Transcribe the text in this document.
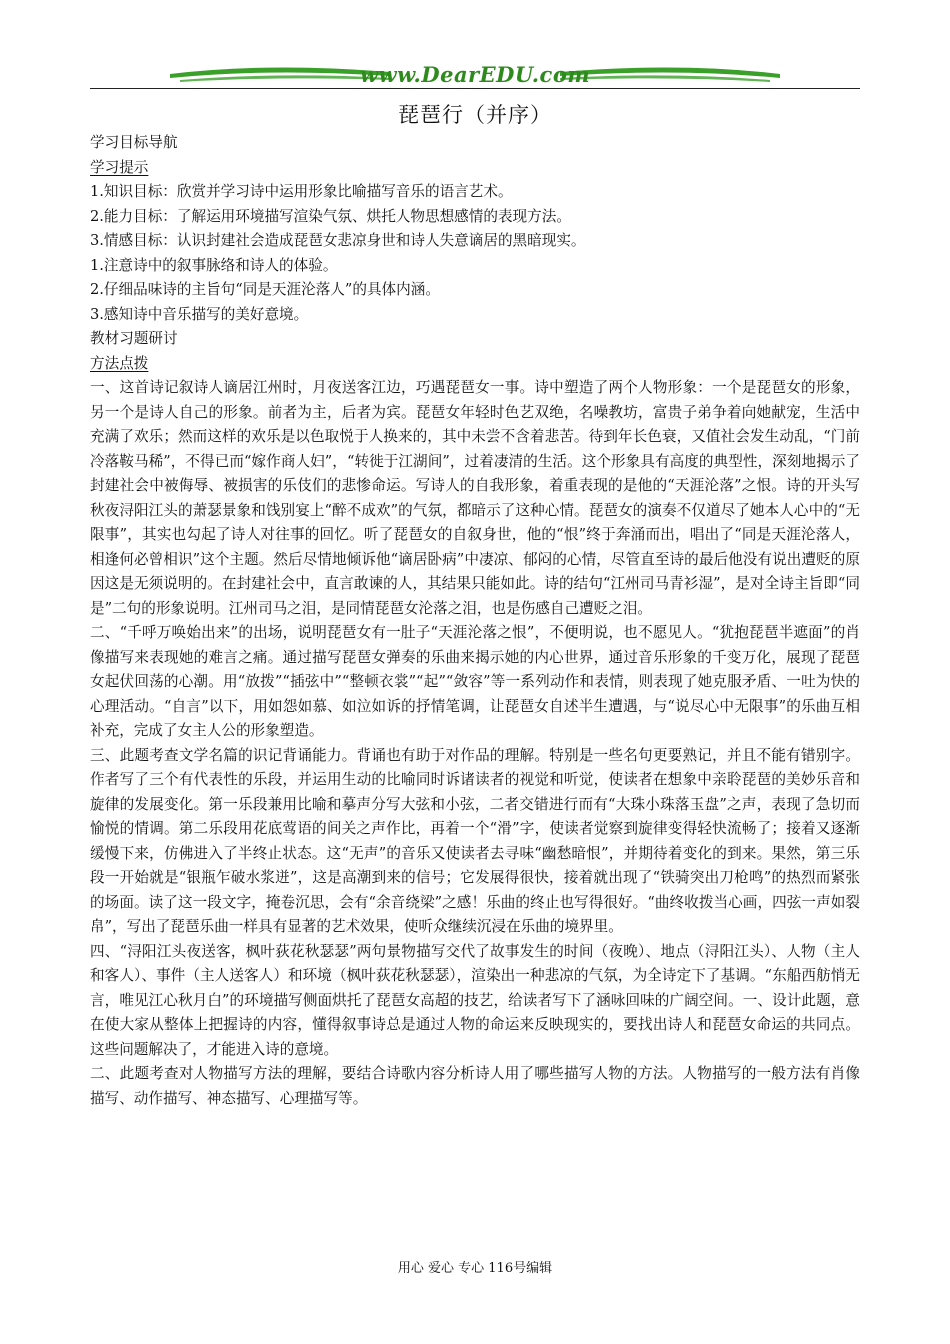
www.DearEDU.com
琵琶行（并序）
学习目标导航
学习提示
1.知识目标：欣赏并学习诗中运用形象比喻描写音乐的语言艺术。
2.能力目标：了解运用环境描写渲染气氛、烘托人物思想感情的表现方法。
3.情感目标：认识封建社会造成琵琶女悲凉身世和诗人失意谪居的黑暗现实。
1.注意诗中的叙事脉络和诗人的体验。
2.仔细品味诗的主旨句“同是天涯沦落人”的具体内涵。
3.感知诗中音乐描写的美好意境。
教材习题研讨
方法点拨

一、这首诗记叙诗人谪居江州时，月夜送客江边，巧遇琵琶女一事。诗中塑造了两个人物形象：一个是琵琶女的形象，另一个是诗人自己的形象。前者为主，后者为宾。琵琶女年轻时色艺双绝，名噪教坊，富贵子弟争着向她献宠，生活中充满了欢乐；然而这样的欢乐是以色取悦于人换来的，其中未尝不含着悲苦。待到年长色衰，又值社会发生动乱，“门前冷落鞍马稀”，不得已而“嫁作商人妇”，“转徙于江湖间”，过着凄清的生活。这个形象具有高度的典型性，深刻地揭示了封建社会中被侮辱、被损害的乐伎们的悲惨命运。写诗人的自我形象，着重表现的是他的“天涯沦落”之恨。诗的开头写秋夜浔阳江头的萧瑟景象和饯别宴上“醉不成欢”的气氛，都暗示了这种心情。琵琶女的演奏不仅道尽了她本人心中的“无限事”，其实也勾起了诗人对往事的回忆。听了琵琶女的自叙身世，他的“恨”终于奔涌而出，唱出了“同是天涯沦落人，相逢何必曾相识”这个主题。然后尽情地倾诉他“谪居卧病”中凄凉、郁闷的心情，尽管直至诗的最后他没有说出遭贬的原因这是无须说明的。在封建社会中，直言敢谏的人，其结果只能如此。诗的结句“江州司马青衫湿”，是对全诗主旨即“同是”二句的形象说明。江州司马之泪，是同情琵琶女沦落之泪，也是伤感自己遭贬之泪。

二、“千呼万唤始出来”的出场，说明琵琶女有一肚子“天涯沦落之恨”，不便明说，也不愿见人。“犹抱琵琶半遮面”的肖像描写来表现她的难言之痛。通过描写琵琶女弹奏的乐曲来揭示她的内心世界，通过音乐形象的千变万化，展现了琵琶女起伏回荡的心潮。用“放拨”“插弦中”“整顿衣裳”“起”“敛容”等一系列动作和表情，则表现了她克服矛盾、一吐为快的心理活动。“自言”以下，用如怨如慕、如泣如诉的抒情笔调，让琵琶女自述半生遭遇，与“说尽心中无限事”的乐曲互相补充，完成了女主人公的形象塑造。

三、此题考查文学名篇的识记背诵能力。背诵也有助于对作品的理解。特别是一些名句更要熟记，并且不能有错别字。作者写了三个有代表性的乐段，并运用生动的比喻同时诉诸读者的视觉和听觉，使读者在想象中亲聆琵琶的美妙乐音和旋律的发展变化。第一乐段兼用比喻和摹声分写大弦和小弦，二者交错进行而有“大珠小珠落玉盘”之声，表现了急切而愉悦的情调。第二乐段用花底莺语的间关之声作比，再着一个“滑”字，使读者觉察到旋律变得轻快流畅了；接着又逐渐缓慢下来，仿佛进入了半终止状态。这“无声”的音乐又使读者去寻味“幽愁暗恨”，并期待着变化的到来。果然，第三乐段一开始就是“银瓶乍破水浆迸”，这是高潮到来的信号；它发展得很快，接着就出现了“铁骑突出刀枪鸣”的热烈而紧张的场面。读了这一段文字，掩卷沉思，会有“余音绕梁”之感！乐曲的终止也写得很好。“曲终收拨当心画，四弦一声如裂帛”，写出了琵琶乐曲一样具有显著的艺术效果，使听众继续沉浸在乐曲的境界里。

四、“浔阳江头夜送客，枫叶荻花秋瑟瑟”两句景物描写交代了故事发生的时间（夜晚）、地点（浔阳江头）、人物（主人和客人）、事件（主人送客人）和环境（枫叶荻花秋瑟瑟），渲染出一种悲凉的气氛，为全诗定下了基调。“东船西舫悄无言，唯见江心秋月白”的环境描写侧面烘托了琵琶女高超的技艺，给读者写下了涵咏回味的广阔空间。一、设计此题，意在使大家从整体上把握诗的内容，懂得叙事诗总是通过人物的命运来反映现实的，要找出诗人和琵琶女命运的共同点。这些问题解决了，才能进入诗的意境。

二、此题考查对人物描写方法的理解，要结合诗歌内容分析诗人用了哪些描写人物的方法。人物描写的一般方法有肖像描写、动作描写、神态描写、心理描写等。

用心 爱心 专心 116号编辑
